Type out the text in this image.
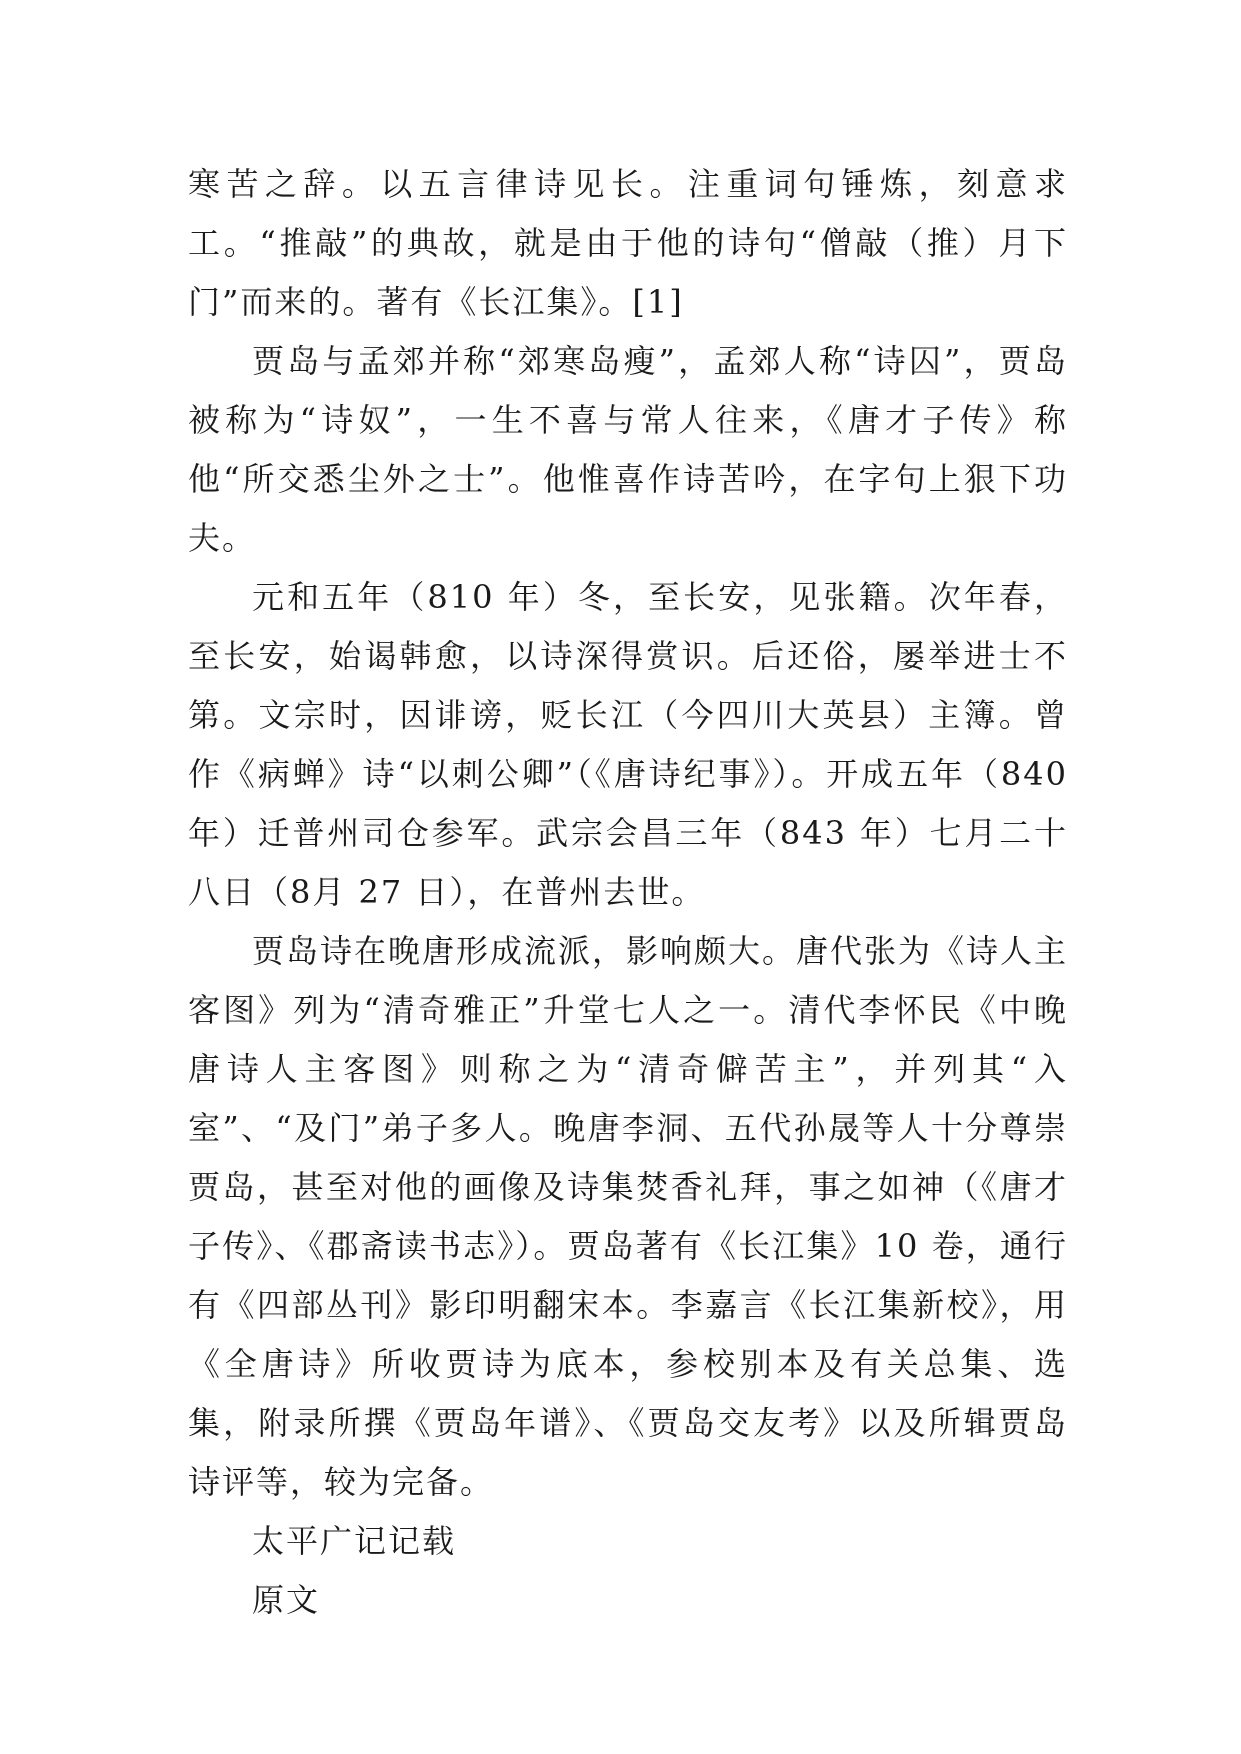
寒苦之辞。以五言律诗见长。注重词句锤炼，刻意求工。“推敲”的典故，就是由于他的诗句“僧敲（推）月下门”而来的。著有《长江集》。[1]

贾岛与孟郊并称“郊寒岛瘦”，孟郊人称“诗囚”，贾岛被称为“诗奴”，一生不喜与常人往来，《唐才子传》称他“所交悉尘外之士”。他惟喜作诗苦吟，在字句上狠下功夫。

元和五年（810 年）冬，至长安，见张籍。次年春，至长安，始谒韩愈，以诗深得赏识。后还俗，屡举进士不第。文宗时，因诽谤，贬长江（今四川大英县）主簿。曾作《病蝉》诗“以刺公卿”（《唐诗纪事》）。开成五年（840 年）迁普州司仓参军。武宗会昌三年（843 年）七月二十八日（8月 27 日），在普州去世。

贾岛诗在晚唐形成流派，影响颇大。唐代张为《诗人主客图》列为“清奇雅正”升堂七人之一。清代李怀民《中晚唐诗人主客图》则称之为“清奇僻苦主”，并列其“入室”、“及门”弟子多人。晚唐李洞、五代孙晟等人十分尊崇贾岛，甚至对他的画像及诗集焚香礼拜，事之如神（《唐才子传》、《郡斋读书志》）。贾岛著有《长江集》10 卷，通行有《四部丛刊》影印明翻宋本。李嘉言《长江集新校》，用《全唐诗》所收贾诗为底本，参校别本及有关总集、选集，附录所撰《贾岛年谱》、《贾岛交友考》以及所辑贾岛诗评等，较为完备。

太平广记记载

原文
